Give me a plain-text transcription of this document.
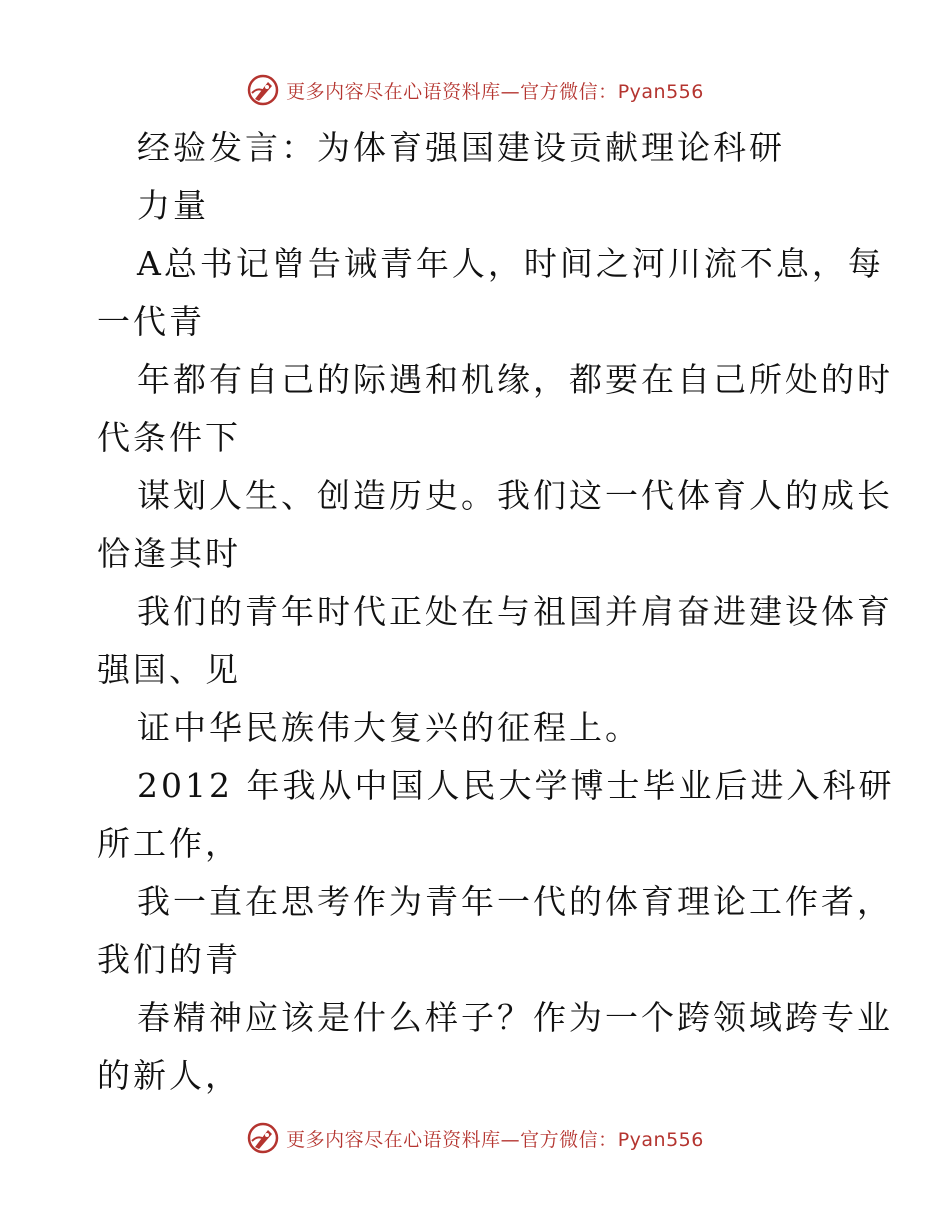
更多内容尽在心语资料库—官方微信：Pyan556
经验发言：为体育强国建设贡献理论科研
力量
A总书记曾告诫青年人，时间之河川流不息，每
一代青
年都有自己的际遇和机缘，都要在自己所处的时
代条件下
谋划人生、创造历史。我们这一代体育人的成长
恰逢其时
我们的青年时代正处在与祖国并肩奋进建设体育
强国、见
证中华民族伟大复兴的征程上。
2012 年我从中国人民大学博士毕业后进入科研
所工作，
我一直在思考作为青年一代的体育理论工作者，
我们的青
春精神应该是什么样子？作为一个跨领域跨专业
的新人，
更多内容尽在心语资料库—官方微信：Pyan556
